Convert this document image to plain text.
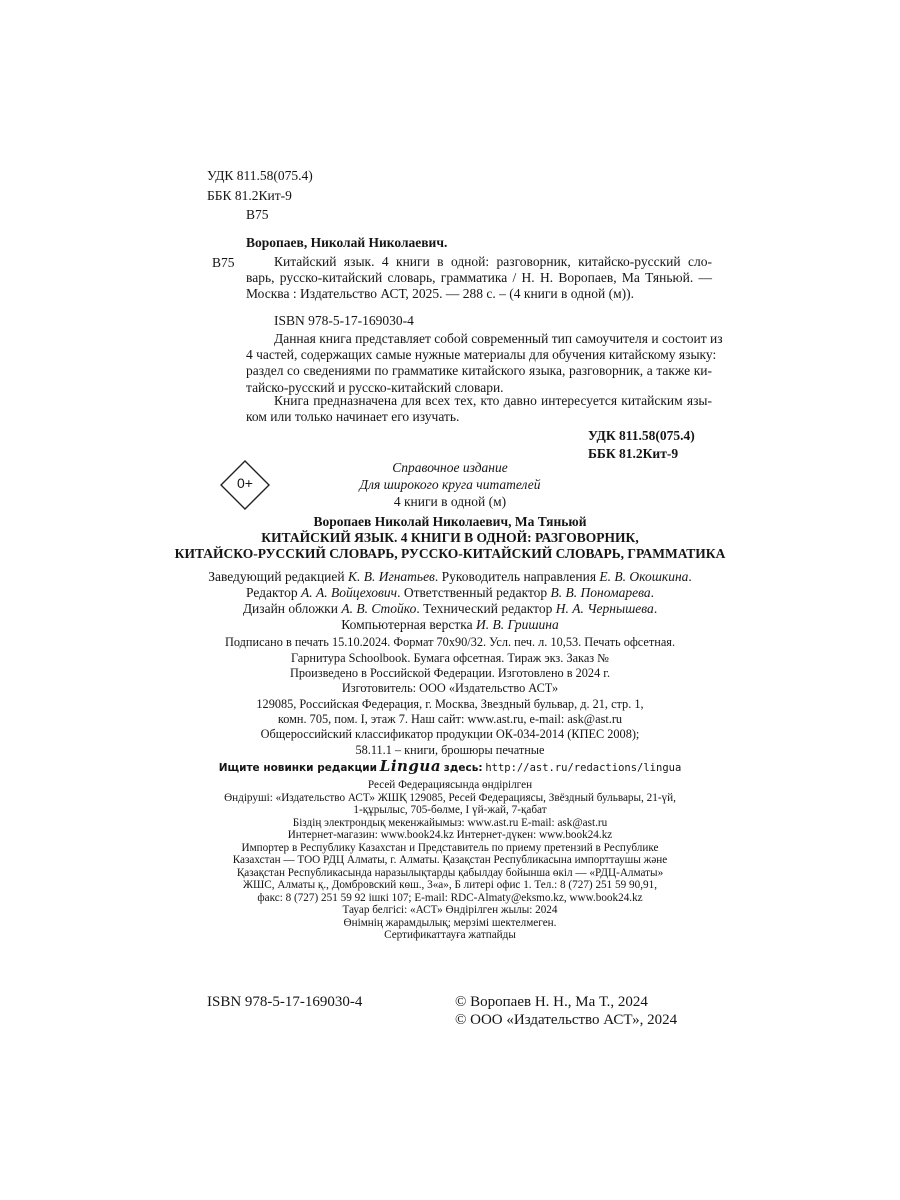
УДК 811.58(075.4)
ББК 81.2Кит-9
В75
Воропаев, Николай Николаевич.
В75	Китайский язык. 4 книги в одной: разговорник, китайско-русский сло-
варь, русско-китайский словарь, грамматика / Н. Н. Воропаев, Ма Тяньюй. —
Москва : Издательство АСТ, 2025. — 288 с. – (4 книги в одной (м)).
ISBN 978-5-17-169030-4
Данная книга представляет собой современный тип самоучителя и состоит из
4 частей, содержащих самые нужные материалы для обучения китайскому языку:
раздел со сведениями по грамматике китайского языка, разговорник, а также ки-
тайско-русский и русско-китайский словари.
Книга предназначена для всех тех, кто давно интересуется китайским язы-
ком или только начинает его изучать.
УДК 811.58(075.4)
ББК 81.2Кит-9
0+
Справочное издание
Для широкого круга читателей
4 книги в одной (м)
Воропаев Николай Николаевич, Ма Тяньюй
КИТАЙСКИЙ ЯЗЫК. 4 КНИГИ В ОДНОЙ: РАЗГОВОРНИК,
КИТАЙСКО-РУССКИЙ СЛОВАРЬ, РУССКО-КИТАЙСКИЙ СЛОВАРЬ, ГРАММАТИКА
Заведующий редакцией К. В. Игнатьев. Руководитель направления Е. В. Окошкина.
Редактор А. А. Войцехович. Ответственный редактор В. В. Пономарева.
Дизайн обложки А. В. Стойко. Технический редактор Н. А. Чернышева.
Компьютерная верстка И. В. Гришина
Подписано в печать 15.10.2024. Формат 70x90/32. Усл. печ. л. 10,53. Печать офсетная.
Гарнитура Schoolbook. Бумага офсетная. Тираж экз. Заказ №
Произведено в Российской Федерации. Изготовлено в 2024 г.
Изготовитель: ООО «Издательство АСТ»
129085, Российская Федерация, г. Москва, Звездный бульвар, д. 21, стр. 1,
комн. 705, пом. I, этаж 7. Наш сайт: www.ast.ru, e-mail: ask@ast.ru
Общероссийский классификатор продукции ОК-034-2014 (КПЕС 2008);
58.11.1 – книги, брошюры печатные
Ищите новинки редакции Lingua здесь: http://ast.ru/redactions/lingua
Ресей Федерациясында өндірілген
Өндіруші: «Издательство АСТ» ЖШҚ 129085, Ресей Федерациясы, Звёздный бульвары, 21-үй,
1-құрылыс, 705-бөлме, I үй-жай, 7-қабат
Біздің электрондық мекенжайымыз: www.ast.ru E-mail: ask@ast.ru
Интернет-магазин: www.book24.kz Интернет-дүкен: www.book24.kz
Импортер в Республику Казахстан и Представитель по приему претензий в Республике
Казахстан — ТОО РДЦ Алматы, г. Алматы. Қазақстан Республикасына импорттаушы және
Қазақстан Республикасында наразылықтарды қабылдау бойынша өкіл — «РДЦ-Алматы»
ЖШС, Алматы қ., Домбровский көш., 3«а», Б литері офис 1. Тел.: 8 (727) 251 59 90,91,
факс: 8 (727) 251 59 92 ішкі 107; E-mail: RDC-Almaty@eksmo.kz, www.book24.kz
Тауар белгісі: «АСТ» Өндірілген жылы: 2024
Өнімнің жарамдылық; мерзімі шектелмеген.
Сертификаттауға жатпайды
ISBN 978-5-17-169030-4	© Воропаев Н. Н., Ма Т., 2024
© ООО «Издательство АСТ», 2024
